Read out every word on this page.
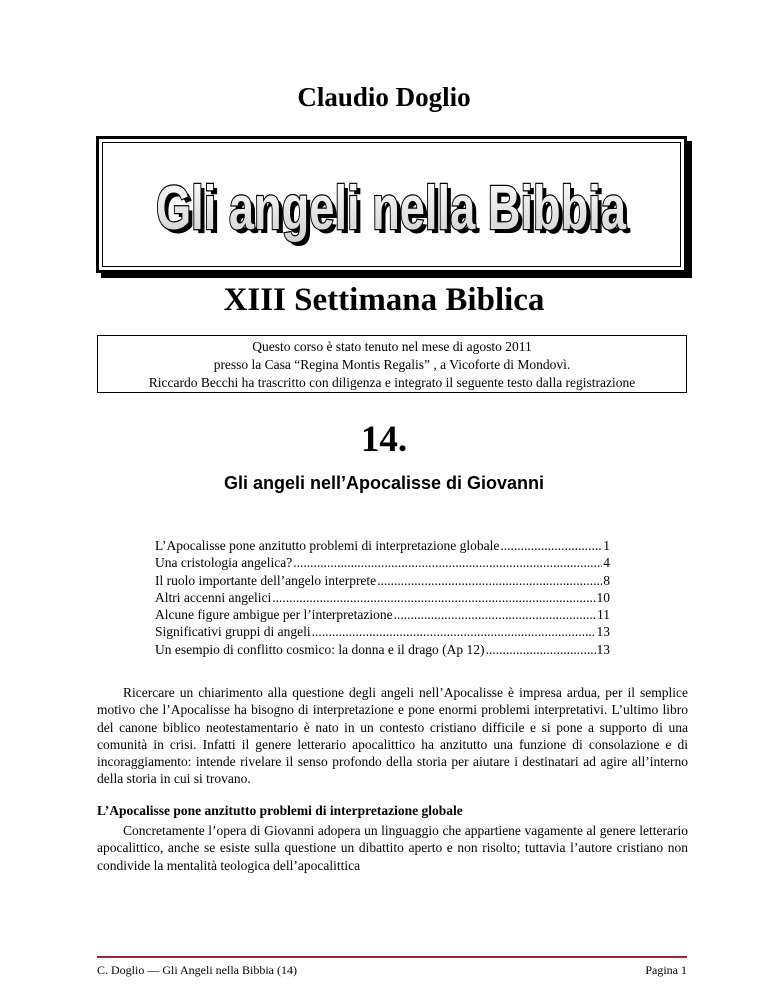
Claudio Doglio
Gli angeli nella Bibbia
Gli angeli nella Bibbia
XIII Settimana Biblica
Questo corso è stato tenuto nel mese di agosto 2011
presso la Casa “Regina Montis Regalis” , a Vicoforte di Mondovì.
Riccardo Becchi ha trascritto con diligenza e integrato il seguente testo dalla registrazione
14.
Gli angeli nell’Apocalisse di Giovanni
L’Apocalisse pone anzitutto problemi di interpretazione globale .....	1
Una cristologia angelica? .....	4
Il ruolo importante dell’angelo interprete .....	8
Altri accenni angelici .....	10
Alcune figure ambigue per l’interpretazione .....	11
Significativi gruppi di angeli .....	13
Un esempio di conflitto cosmico: la donna e il drago (Ap 12) .....	13

Ricercare un chiarimento alla questione degli angeli nell’Apocalisse è impresa ardua, per il semplice motivo che l’Apocalisse ha bisogno di interpretazione e pone enormi problemi interpretativi. L’ultimo libro del canone biblico neotestamentario è nato in un contesto cristiano difficile e si pone a supporto di una comunità in crisi. Infatti il genere letterario apocalittico ha anzitutto una funzione di consolazione e di incoraggiamento: intende rivelare il senso profondo della storia per aiutare i destinatari ad agire all’interno della storia in cui si trovano.

L’Apocalisse pone anzitutto problemi di interpretazione globale

Concretamente l’opera di Giovanni adopera un linguaggio che appartiene vagamente al genere letterario apocalittico, anche se esiste sulla questione un dibattito aperto e non risolto; tuttavia l’autore cristiano non condivide la mentalità teologica dell’apocalittica

C. Doglio — Gli Angeli nella Bibbia (14)	Pagina 1
